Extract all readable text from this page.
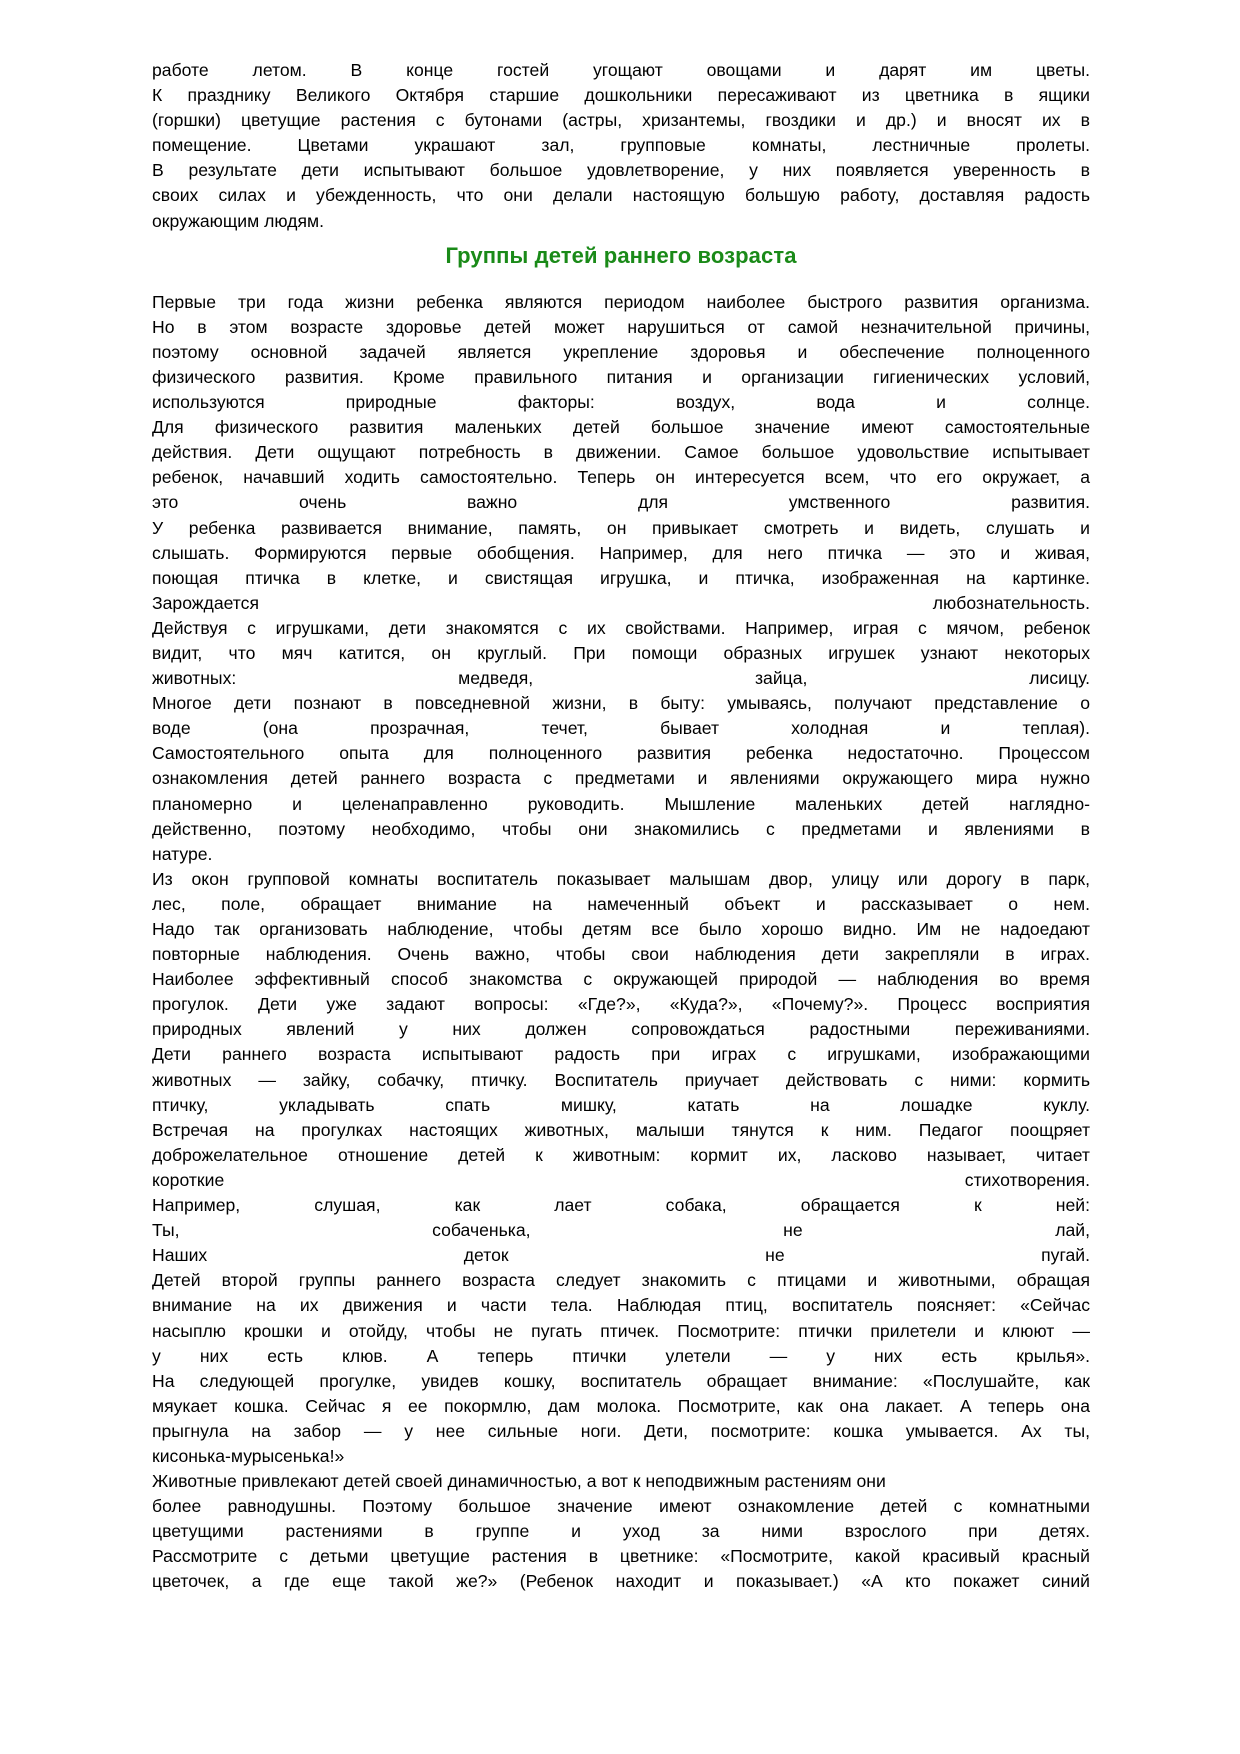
работе летом. В конце гостей угощают овощами и дарят им цветы.
К празднику Великого Октября старшие дошкольники пересаживают из цветника в ящики
(горшки) цветущие растения с бутонами (астры, хризантемы, гвоздики и др.) и вносят их в
помещение. Цветами украшают зал, групповые комнаты, лестничные пролеты.
В результате дети испытывают большое удовлетворение, у них появляется уверенность в
своих силах и убежденность, что они делали настоящую большую работу, доставляя радость
окружающим людям.
Группы детей раннего возраста
Первые три года жизни ребенка являются периодом наиболее быстрого развития организма.
Но в этом возрасте здоровье детей может нарушиться от самой незначительной причины,
поэтому основной задачей является укрепление здоровья и обеспечение полноценного
физического развития. Кроме правильного питания и организации гигиенических условий,
используются природные факторы: воздух, вода и солнце.
Для физического развития маленьких детей большое значение имеют самостоятельные
действия. Дети ощущают потребность в движении. Самое большое удовольствие испытывает
ребенок, начавший ходить самостоятельно. Теперь он интересуется всем, что его окружает, а
это очень важно для умственного развития.
У ребенка развивается внимание, память, он привыкает смотреть и видеть, слушать и
слышать. Формируются первые обобщения. Например, для него птичка — это и живая,
поющая птичка в клетке, и свистящая игрушка, и птичка, изображенная на картинке.
Зарождается любознательность.
Действуя с игрушками, дети знакомятся с их свойствами. Например, играя с мячом, ребенок
видит, что мяч катится, он круглый. При помощи образных игрушек узнают некоторых
животных: медведя, зайца, лисицу.
Многое дети познают в повседневной жизни, в быту: умываясь, получают представление о
воде (она прозрачная, течет, бывает холодная и теплая).
Самостоятельного опыта для полноценного развития ребенка недостаточно. Процессом
ознакомления детей раннего возраста с предметами и явлениями окружающего мира нужно
планомерно и целенаправленно руководить. Мышление маленьких детей наглядно-
действенно, поэтому необходимо, чтобы они знакомились с предметами и явлениями в
натуре.
Из окон групповой комнаты воспитатель показывает малышам двор, улицу или дорогу в парк,
лес, поле, обращает внимание на намеченный объект и рассказывает о нем.
Надо так организовать наблюдение, чтобы детям все было хорошо видно. Им не надоедают
повторные наблюдения. Очень важно, чтобы свои наблюдения дети закрепляли в играх.
Наиболее эффективный способ знакомства с окружающей природой — наблюдения во время
прогулок. Дети уже задают вопросы: «Где?», «Куда?», «Почему?». Процесс восприятия
природных явлений у них должен сопровождаться радостными переживаниями.
Дети раннего возраста испытывают радость при играх с игрушками, изображающими
животных — зайку, собачку, птичку. Воспитатель приучает действовать с ними: кормить
птичку, укладывать спать мишку, катать на лошадке куклу.
Встречая на прогулках настоящих животных, малыши тянутся к ним. Педагог поощряет
доброжелательное отношение детей к животным: кормит их, ласково называет, читает
короткие стихотворения.
Например, слушая, как лает собака, обращается к ней:
Ты, собаченька, не лай,
Наших деток не пугай.
Детей второй группы раннего возраста следует знакомить с птицами и животными, обращая
внимание на их движения и части тела. Наблюдая птиц, воспитатель поясняет: «Сейчас
насыплю крошки и отойду, чтобы не пугать птичек. Посмотрите: птички прилетели и клюют —
у них есть клюв. А теперь птички улетели — у них есть крылья».
На следующей прогулке, увидев кошку, воспитатель обращает внимание: «Послушайте, как
мяукает кошка. Сейчас я ее покормлю, дам молока. Посмотрите, как она лакает. А теперь она
прыгнула на забор — у нее сильные ноги. Дети, посмотрите: кошка умывается. Ах ты,
кисонька-мурысенька!»
Животные привлекают детей своей динамичностью, а вот к неподвижным растениям они
более равнодушны. Поэтому большое значение имеют ознакомление детей с комнатными
цветущими растениями в группе и уход за ними взрослого при детях.
Рассмотрите с детьми цветущие растения в цветнике: «Посмотрите, какой красивый красный
цветочек, а где еще такой же?» (Ребенок находит и показывает.) «А кто покажет синий
